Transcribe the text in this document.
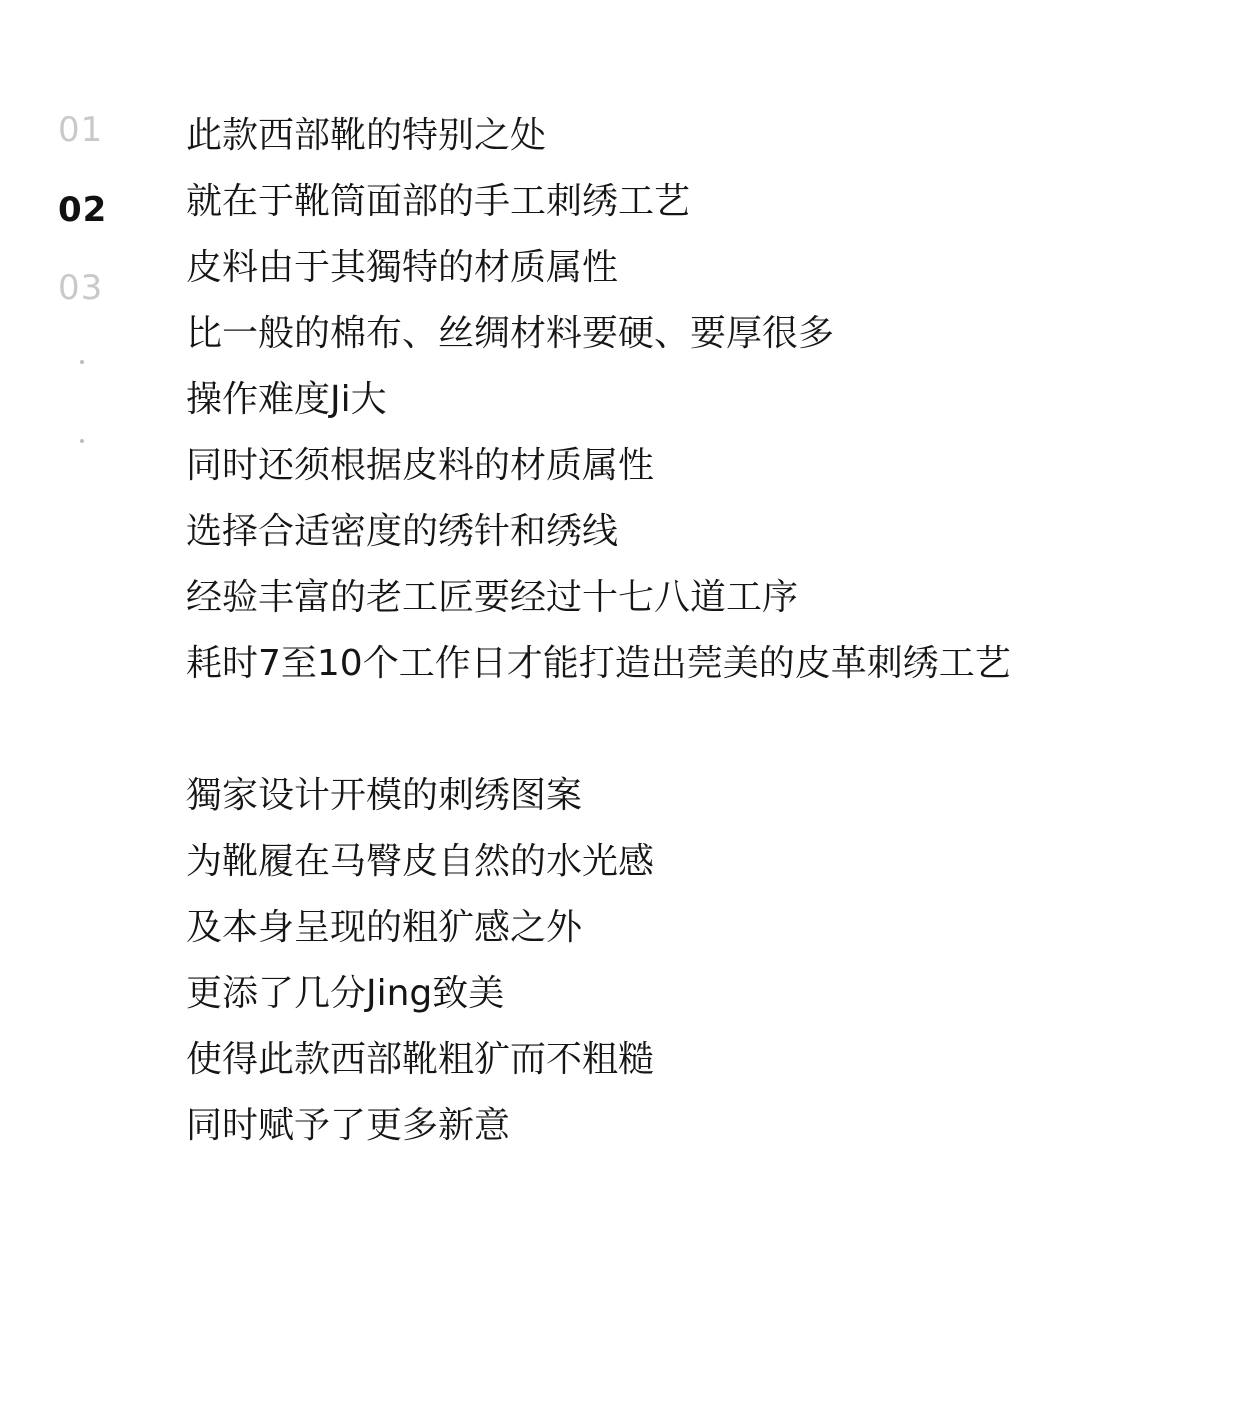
01
02
03
此款西部靴的特别之处
就在于靴筒面部的手工刺绣工艺
皮料由于其獨特的材质属性
比一般的棉布、丝绸材料要硬、要厚很多
操作难度Ji大
同时还须根据皮料的材质属性
选择合适密度的绣针和绣线
经验丰富的老工匠要经过十七八道工序
耗时7至10个工作日才能打造出莞美的皮革刺绣工艺
獨家设计开模的刺绣图案
为靴履在马臀皮自然的水光感
及本身呈现的粗犷感之外
更添了几分Jing致美
使得此款西部靴粗犷而不粗糙
同时赋予了更多新意
